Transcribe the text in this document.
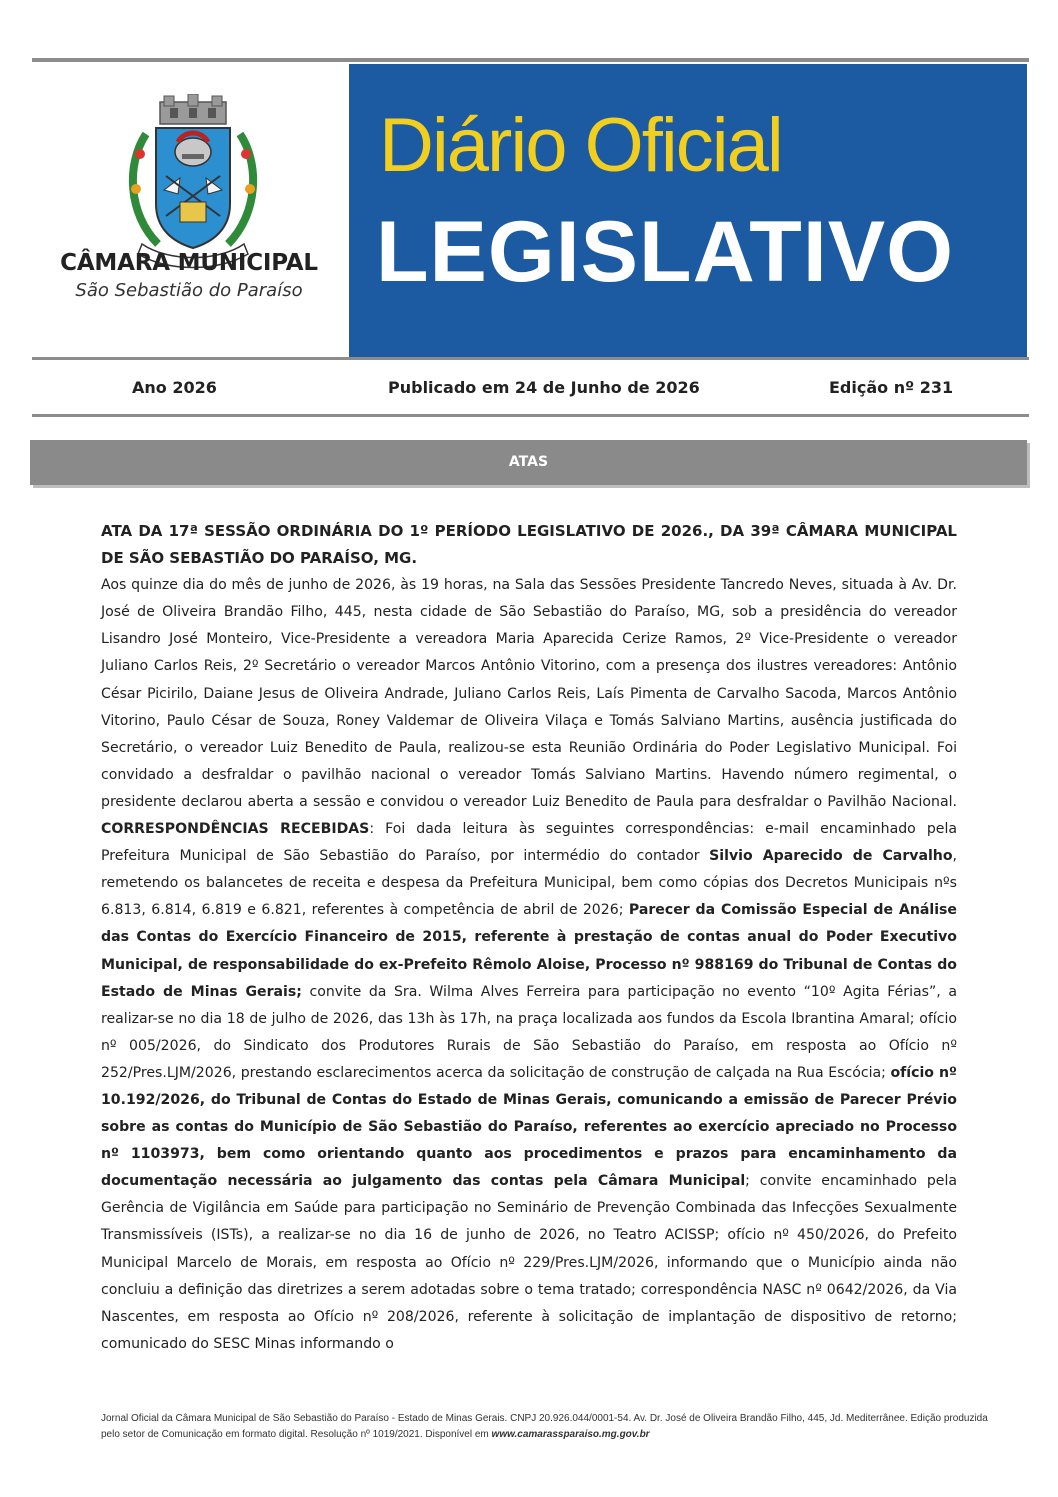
CÂMARA MUNICIPAL
São Sebastião do Paraíso
Diário Oficial
LEGISLATIVO
Ano 2026	Publicado em 24 de Junho de 2026	Edição nº 231
ATAS

ATA DA 17ª SESSÃO ORDINÁRIA DO 1º PERÍODO LEGISLATIVO DE 2026., DA 39ª CÂMARA MUNICIPAL DE SÃO SEBASTIÃO DO PARAÍSO, MG.

Aos quinze dia do mês de junho de 2026, às 19 horas, na Sala das Sessões Presidente Tancredo Neves, situada à Av. Dr. José de Oliveira Brandão Filho, 445, nesta cidade de São Sebastião do Paraíso, MG, sob a presidência do vereador Lisandro José Monteiro, Vice-Presidente a vereadora Maria Aparecida Cerize Ramos, 2º Vice-Presidente o vereador Juliano Carlos Reis, 2º Secretário o vereador Marcos Antônio Vitorino, com a presença dos ilustres vereadores: Antônio César Picirilo, Daiane Jesus de Oliveira Andrade, Juliano Carlos Reis, Laís Pimenta de Carvalho Sacoda, Marcos Antônio Vitorino, Paulo César de Souza, Roney Valdemar de Oliveira Vilaça e Tomás Salviano Martins, ausência justificada do Secretário, o vereador Luiz Benedito de Paula, realizou-se esta Reunião Ordinária do Poder Legislativo Municipal. Foi convidado a desfraldar o pavilhão nacional o vereador Tomás Salviano Martins. Havendo número regimental, o presidente declarou aberta a sessão e convidou o vereador Luiz Benedito de Paula para desfraldar o Pavilhão Nacional. CORRESPONDÊNCIAS RECEBIDAS: Foi dada leitura às seguintes correspondências: e-mail encaminhado pela Prefeitura Municipal de São Sebastião do Paraíso, por intermédio do contador Silvio Aparecido de Carvalho, remetendo os balancetes de receita e despesa da Prefeitura Municipal, bem como cópias dos Decretos Municipais nºs 6.813, 6.814, 6.819 e 6.821, referentes à competência de abril de 2026; Parecer da Comissão Especial de Análise das Contas do Exercício Financeiro de 2015, referente à prestação de contas anual do Poder Executivo Municipal, de responsabilidade do ex-Prefeito Rêmolo Aloise, Processo nº 988169 do Tribunal de Contas do Estado de Minas Gerais; convite da Sra. Wilma Alves Ferreira para participação no evento “10º Agita Férias”, a realizar-se no dia 18 de julho de 2026, das 13h às 17h, na praça localizada aos fundos da Escola Ibrantina Amaral; ofício nº 005/2026, do Sindicato dos Produtores Rurais de São Sebastião do Paraíso, em resposta ao Ofício nº 252/Pres.LJM/2026, prestando esclarecimentos acerca da solicitação de construção de calçada na Rua Escócia; ofício nº 10.192/2026, do Tribunal de Contas do Estado de Minas Gerais, comunicando a emissão de Parecer Prévio sobre as contas do Município de São Sebastião do Paraíso, referentes ao exercício apreciado no Processo nº 1103973, bem como orientando quanto aos procedimentos e prazos para encaminhamento da documentação necessária ao julgamento das contas pela Câmara Municipal; convite encaminhado pela Gerência de Vigilância em Saúde para participação no Seminário de Prevenção Combinada das Infecções Sexualmente Transmissíveis (ISTs), a realizar-se no dia 16 de junho de 2026, no Teatro ACISSP; ofício nº 450/2026, do Prefeito Municipal Marcelo de Morais, em resposta ao Ofício nº 229/Pres.LJM/2026, informando que o Município ainda não concluiu a definição das diretrizes a serem adotadas sobre o tema tratado; correspondência NASC nº 0642/2026, da Via Nascentes, em resposta ao Ofício nº 208/2026, referente à solicitação de implantação de dispositivo de retorno; comunicado do SESC Minas informando o

Jornal Oficial da Câmara Municipal de São Sebastião do Paraíso - Estado de Minas Gerais. CNPJ 20.926.044/0001-54. Av. Dr. José de Oliveira Brandão Filho, 445, Jd. Mediterrânee. Edição produzida pelo setor de Comunicação em formato digital. Resolução nº 1019/2021. Disponível em www.camarassparaiso.mg.gov.br
